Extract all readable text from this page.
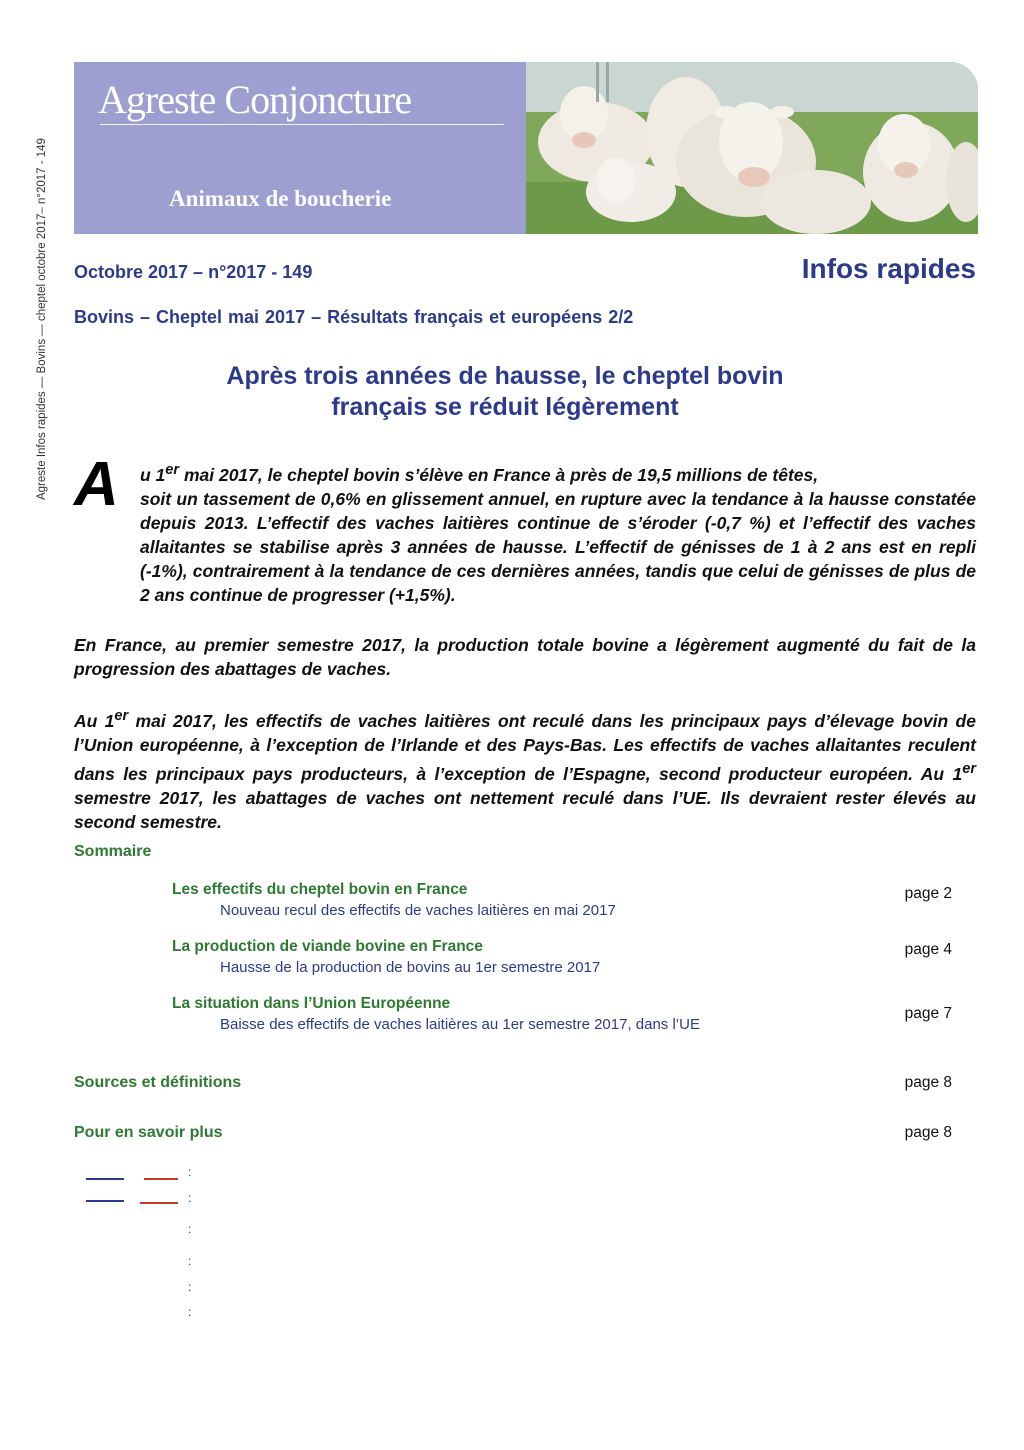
Agreste Infos rapides — Bovins — cheptel octobre 2017– n°2017 - 149
Agreste Conjoncture
Animaux de boucherie
Octobre 2017 – n°2017 - 149	Infos rapides
Bovins – Cheptel mai 2017 – Résultats français et européens 2/2
Après trois années de hausse, le cheptel bovin
français se réduit légèrement
A	u 1er mai 2017, le cheptel bovin s’élève en France à près de 19,5 millions de têtes,

soit un tassement de 0,6% en glissement annuel, en rupture avec la tendance à la hausse constatée depuis 2013. L’effectif des vaches laitières continue de s’éroder (-0,7 %) et l’effectif des vaches allaitantes se stabilise après 3 années de hausse. L’effectif de génisses de 1 à 2 ans est en repli (-1%), contrairement à la tendance de ces dernières années, tandis que celui de génisses de plus de 2 ans continue de progresser (+1,5%).

En France, au premier semestre 2017, la production totale bovine a légèrement augmenté du fait de la progression des abattages de vaches.
Au 1er mai 2017, les effectifs de vaches laitières ont reculé dans les principaux pays d’élevage bovin de l’Union européenne, à l’exception de l’Irlande et des Pays-Bas. Les effectifs de vaches allaitantes reculent dans les principaux pays producteurs, à l’exception de l’Espagne, second producteur européen. Au 1er semestre 2017, les abattages de vaches ont nettement reculé dans l’UE. Ils devraient rester élevés au second semestre.
Sommaire
Les effectifs du cheptel bovin en France
Nouveau recul des effectifs de vaches laitières en mai 2017
page 2
La production de viande bovine en France
Hausse de la production de bovins au 1er semestre 2017
page 4
La situation dans l’Union Européenne
Baisse des effectifs de vaches laitières au 1er semestre 2017, dans l’UE
page 7
Sources et définitions	page 8
Pour en savoir plus	page 8
:
:
:
:
:
:
